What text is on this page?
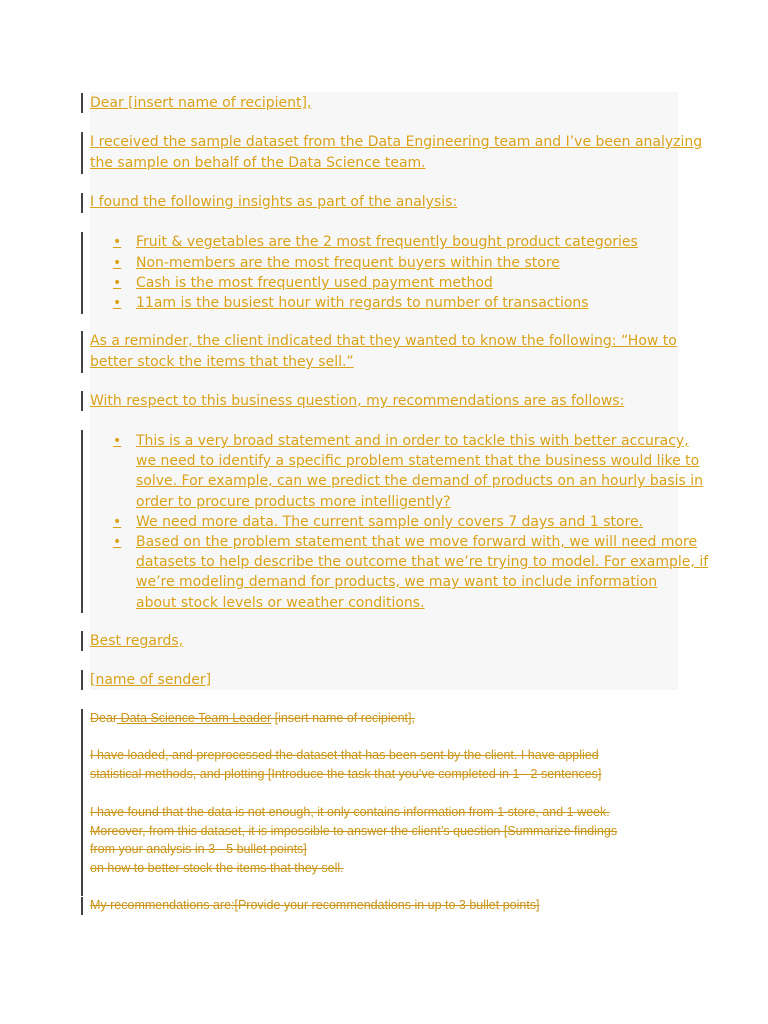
Dear [insert name of recipient],
I received the sample dataset from the Data Engineering team and I’ve been analyzing
the sample on behalf of the Data Science team.
I found the following insights as part of the analysis:
• Fruit & vegetables are the 2 most frequently bought product categories
• Non-members are the most frequent buyers within the store
• Cash is the most frequently used payment method
• 11am is the busiest hour with regards to number of transactions
As a reminder, the client indicated that they wanted to know the following: “How to
better stock the items that they sell.”
With respect to this business question, my recommendations are as follows:
• This is a very broad statement and in order to tackle this with better accuracy,
we need to identify a specific problem statement that the business would like to
solve. For example, can we predict the demand of products on an hourly basis in
order to procure products more intelligently?
• We need more data. The current sample only covers 7 days and 1 store.
• Based on the problem statement that we move forward with, we will need more
datasets to help describe the outcome that we’re trying to model. For example, if
we’re modeling demand for products, we may want to include information
about stock levels or weather conditions.
Best regards,
[name of sender]
Dear Data Science Team Leader [insert name of recipient],
I have loaded, and preprocessed the dataset that has been sent by the client. I have applied
statistical methods, and plotting [Introduce the task that you’ve completed in 1 - 2 sentences]
I have found that the data is not enough, it only contains information from 1 store, and 1 week.
Moreover, from this dataset, it is impossible to answer the client’s question [Summarize findings
from your analysis in 3 - 5 bullet points]
on how to better stock the items that they sell.
My recommendations are:[Provide your recommendations in up to 3 bullet points]
